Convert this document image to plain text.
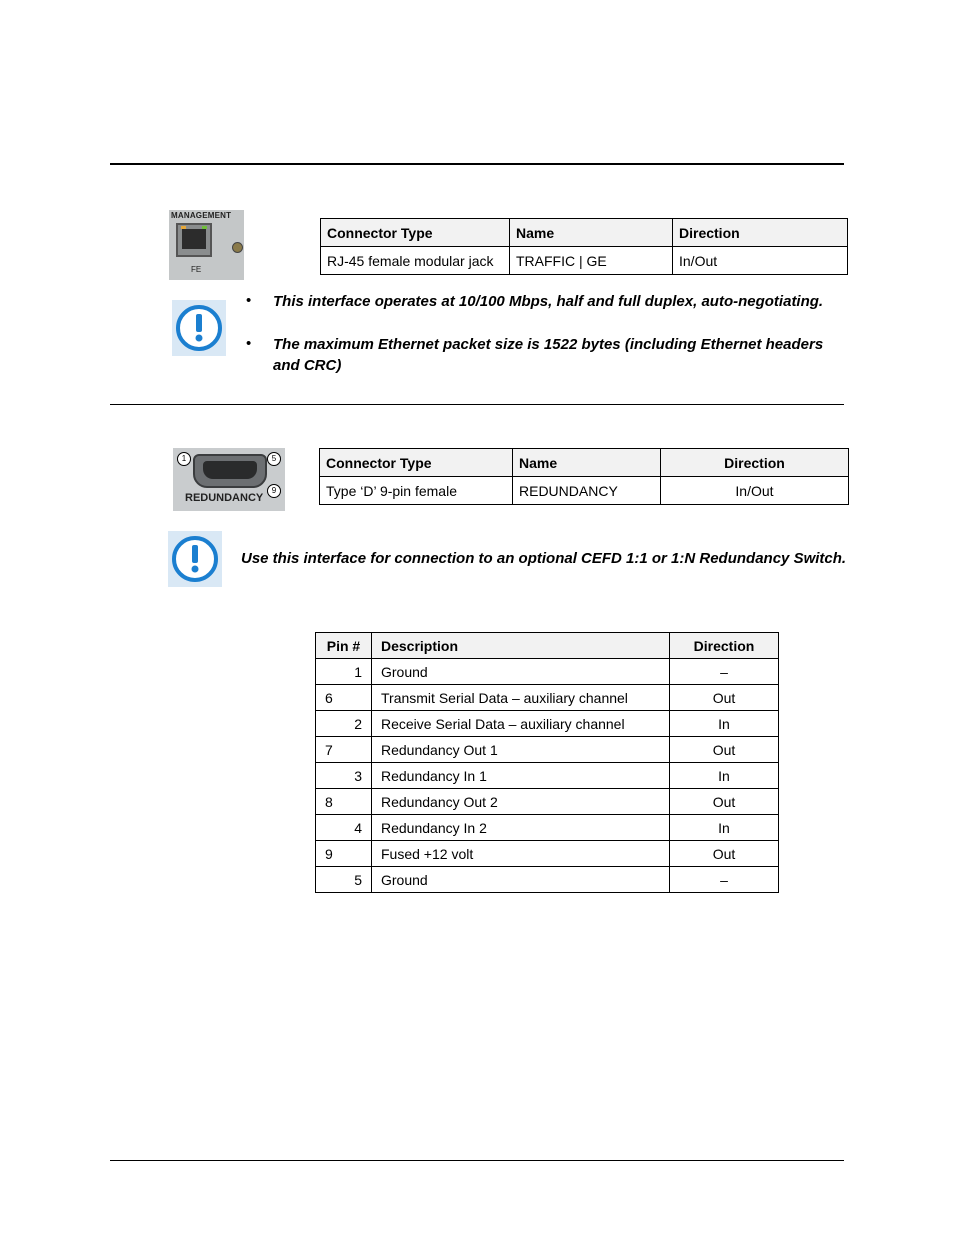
MANAGEMENT
FE
Connector Type	Name	Direction
RJ-45 female modular jack	TRAFFIC | GE	In/Out
• This interface operates at 10/100 Mbps, half and full duplex, auto-negotiating.
• The maximum Ethernet packet size is 1522 bytes (including Ethernet headers and CRC)
1	5
9
REDUNDANCY
Connector Type	Name	Direction
Type ‘D’ 9-pin female	REDUNDANCY	In/Out
Use this interface for connection to an optional CEFD 1:1 or 1:N Redundancy Switch.
Pin #	Description	Direction
1	Ground	–
6	Transmit Serial Data – auxiliary channel	Out
2	Receive Serial Data – auxiliary channel	In
7	Redundancy Out 1	Out
3	Redundancy In 1	In
8	Redundancy Out 2	Out
4	Redundancy In 2	In
9	Fused +12 volt	Out
5	Ground	–
